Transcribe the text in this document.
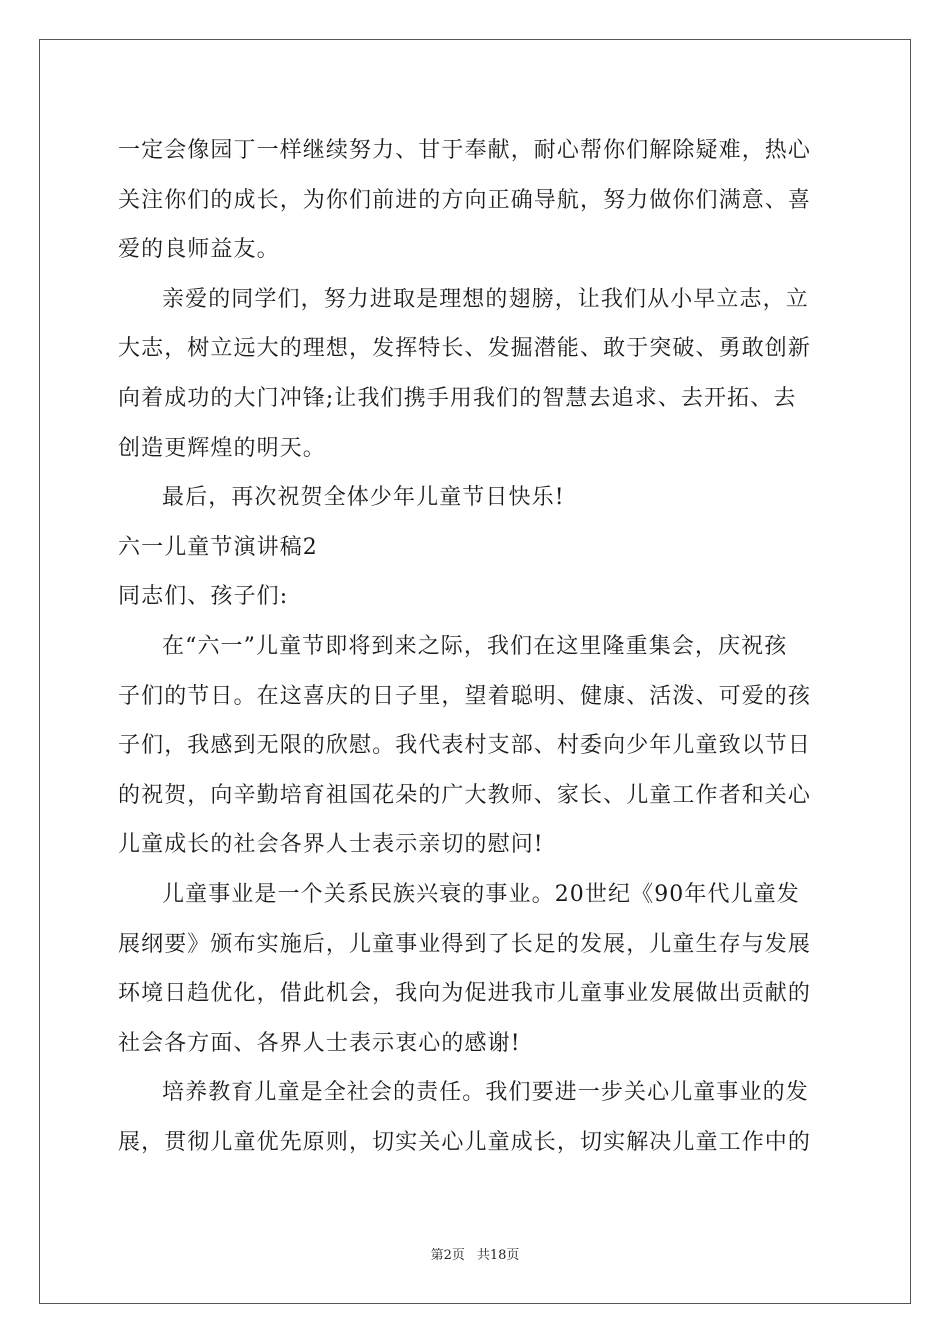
一定会像园丁一样继续努力、甘于奉献，耐心帮你们解除疑难，热心
关注你们的成长，为你们前进的方向正确导航，努力做你们满意、喜
爱的良师益友。
亲爱的同学们，努力进取是理想的翅膀，让我们从小早立志，立
大志，树立远大的理想，发挥特长、发掘潜能、敢于突破、勇敢创新
向着成功的大门冲锋;让我们携手用我们的智慧去追求、去开拓、去
创造更辉煌的明天。
最后，再次祝贺全体少年儿童节日快乐!
六一儿童节演讲稿2
同志们、孩子们:
在“六一”儿童节即将到来之际，我们在这里隆重集会，庆祝孩
子们的节日。在这喜庆的日子里，望着聪明、健康、活泼、可爱的孩
子们，我感到无限的欣慰。我代表村支部、村委向少年儿童致以节日
的祝贺，向辛勤培育祖国花朵的广大教师、家长、儿童工作者和关心
儿童成长的社会各界人士表示亲切的慰问!
儿童事业是一个关系民族兴衰的事业。20世纪《90年代儿童发
展纲要》颁布实施后，儿童事业得到了长足的发展，儿童生存与发展
环境日趋优化，借此机会，我向为促进我市儿童事业发展做出贡献的
社会各方面、各界人士表示衷心的感谢!
培养教育儿童是全社会的责任。我们要进一步关心儿童事业的发
展，贯彻儿童优先原则，切实关心儿童成长，切实解决儿童工作中的
第2页 共18页
